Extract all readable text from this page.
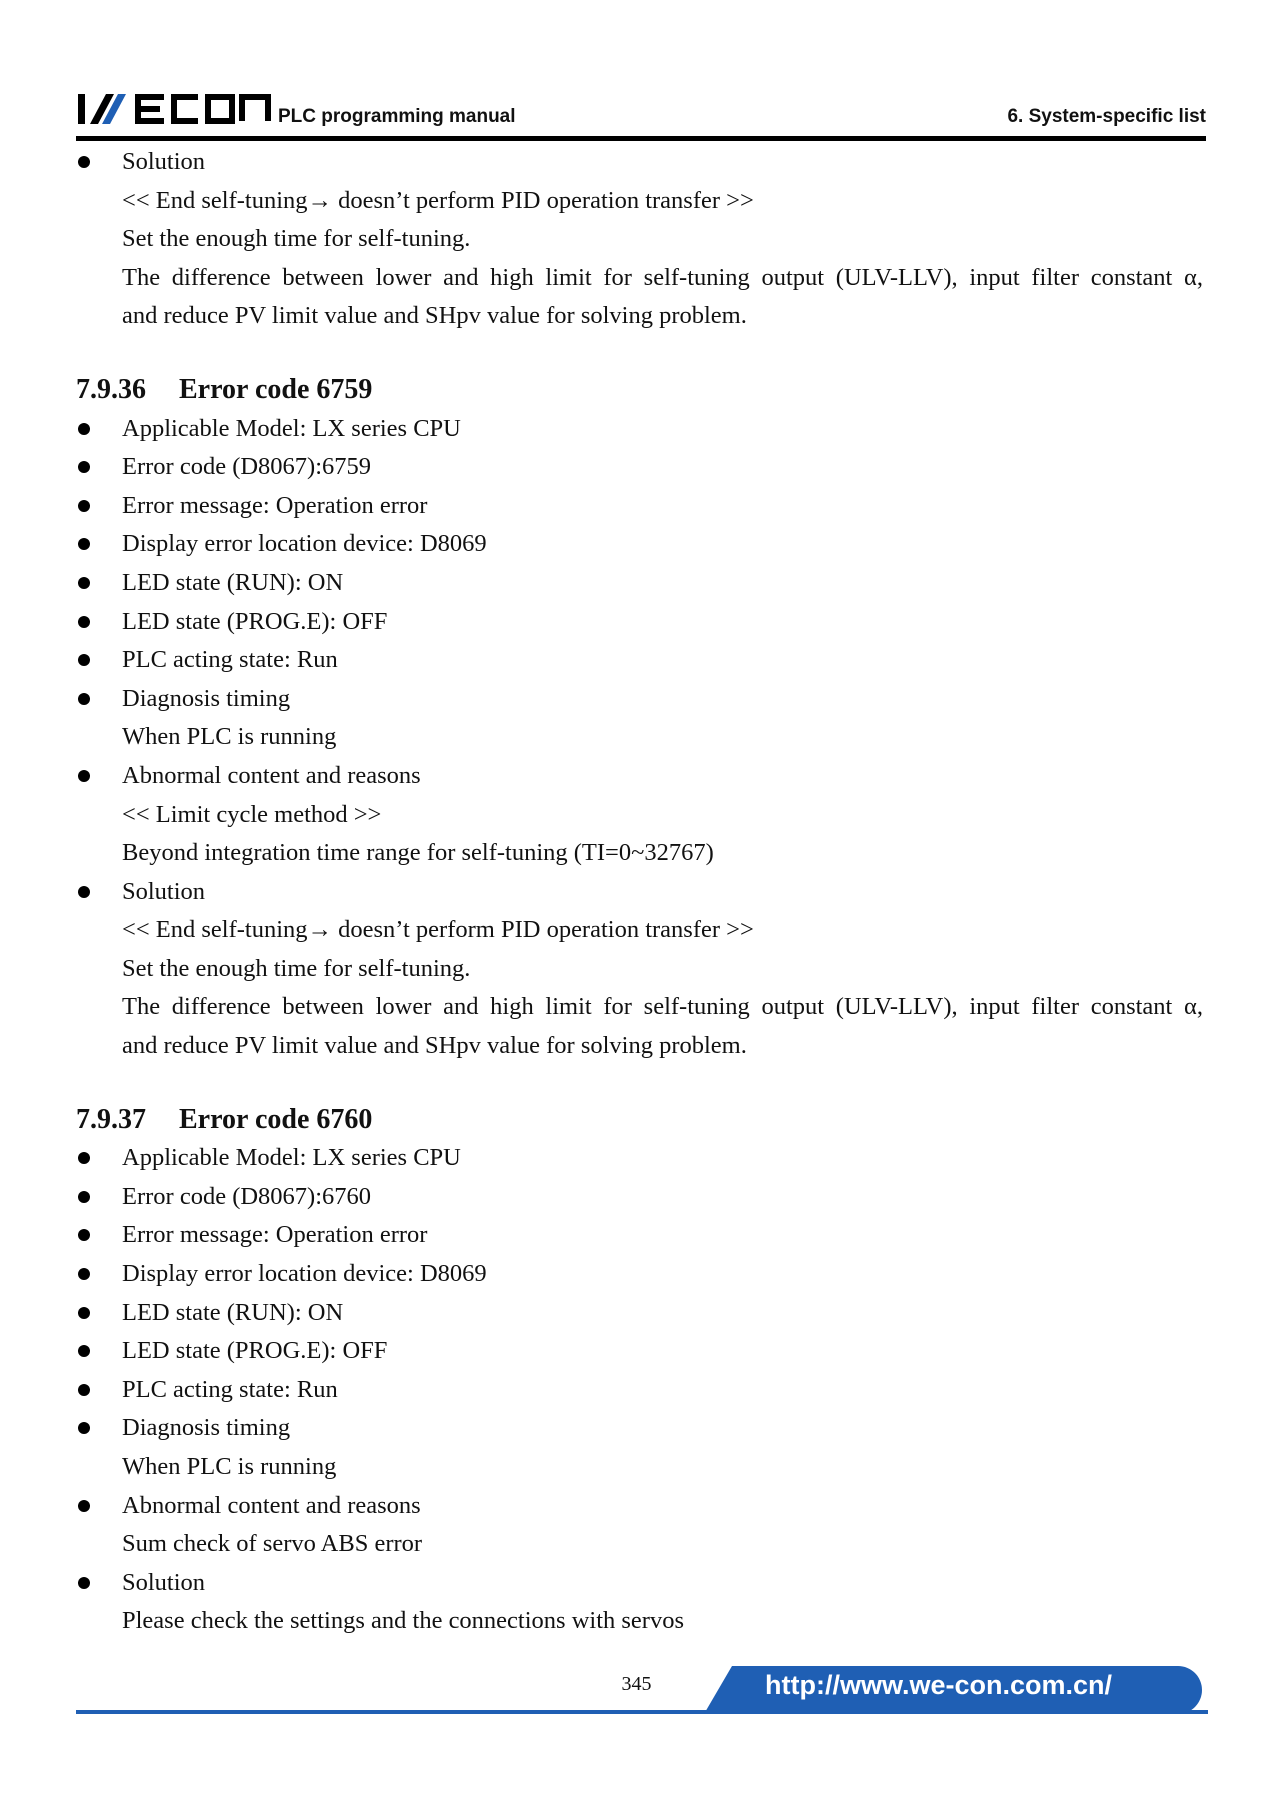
PLC programming manual	6. System-specific list
Solution
<< End self-tuning→ doesn’t perform PID operation transfer >>
Set the enough time for self-tuning.
The difference between lower and high limit for self-tuning output (ULV-LLV), input filter constant α,
and reduce PV limit value and SHpv value for solving problem.
7.9.36 Error code 6759
Applicable Model: LX series CPU
Error code (D8067):6759
Error message: Operation error
Display error location device: D8069
LED state (RUN): ON
LED state (PROG.E): OFF
PLC acting state: Run
Diagnosis timing
When PLC is running
Abnormal content and reasons
<< Limit cycle method >>
Beyond integration time range for self-tuning (TI=0~32767)
Solution
<< End self-tuning→ doesn’t perform PID operation transfer >>
Set the enough time for self-tuning.
The difference between lower and high limit for self-tuning output (ULV-LLV), input filter constant α,
and reduce PV limit value and SHpv value for solving problem.
7.9.37 Error code 6760
Applicable Model: LX series CPU
Error code (D8067):6760
Error message: Operation error
Display error location device: D8069
LED state (RUN): ON
LED state (PROG.E): OFF
PLC acting state: Run
Diagnosis timing
When PLC is running
Abnormal content and reasons
Sum check of servo ABS error
Solution
Please check the settings and the connections with servos
345	http://www.we-con.com.cn/
